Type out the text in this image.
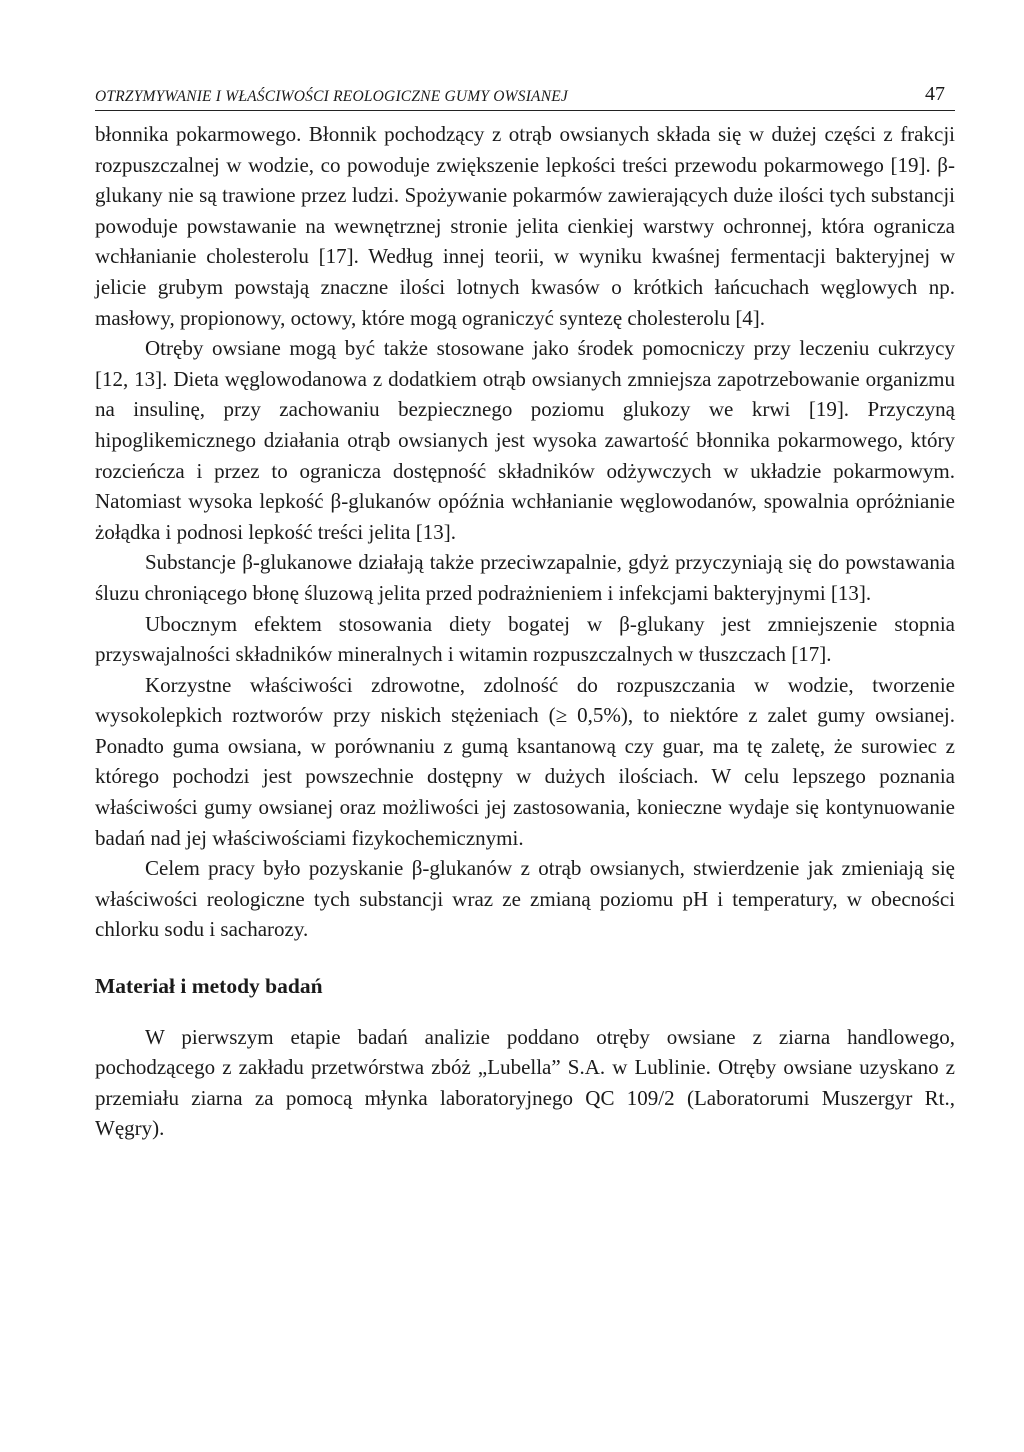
OTRZYMYWANIE I WŁAŚCIWOŚCI REOLOGICZNE GUMY OWSIANEJ	47

błonnika pokarmowego. Błonnik pochodzący z otrąb owsianych składa się w dużej części z frakcji rozpuszczalnej w wodzie, co powoduje zwiększenie lepkości treści przewodu pokarmowego [19]. β-glukany nie są trawione przez ludzi. Spożywanie pokarmów zawierających duże ilości tych substancji powoduje powstawanie na wewnętrznej stronie jelita cienkiej warstwy ochronnej, która ogranicza wchłanianie cholesterolu [17]. Według innej teorii, w wyniku kwaśnej fermentacji bakteryjnej w jelicie grubym powstają znaczne ilości lotnych kwasów o krótkich łańcuchach węglowych np. masłowy, propionowy, octowy, które mogą ograniczyć syntezę cholesterolu [4].

Otręby owsiane mogą być także stosowane jako środek pomocniczy przy leczeniu cukrzycy [12, 13]. Dieta węglowodanowa z dodatkiem otrąb owsianych zmniejsza zapotrzebowanie organizmu na insulinę, przy zachowaniu bezpiecznego poziomu glukozy we krwi [19]. Przyczyną hipoglikemicznego działania otrąb owsianych jest wysoka zawartość błonnika pokarmowego, który rozcieńcza i przez to ogranicza dostępność składników odżywczych w układzie pokarmowym. Natomiast wysoka lepkość β-glukanów opóźnia wchłanianie węglowodanów, spowalnia opróżnianie żołądka i podnosi lepkość treści jelita [13].

Substancje β-glukanowe działają także przeciwzapalnie, gdyż przyczyniają się do powstawania śluzu chroniącego błonę śluzową jelita przed podrażnieniem i infekcjami bakteryjnymi [13].

Ubocznym efektem stosowania diety bogatej w β-glukany jest zmniejszenie stopnia przyswajalności składników mineralnych i witamin rozpuszczalnych w tłuszczach [17].

Korzystne właściwości zdrowotne, zdolność do rozpuszczania w wodzie, tworzenie wysokolepkich roztworów przy niskich stężeniach (≥ 0,5%), to niektóre z zalet gumy owsianej. Ponadto guma owsiana, w porównaniu z gumą ksantanową czy guar, ma tę zaletę, że surowiec z którego pochodzi jest powszechnie dostępny w dużych ilościach. W celu lepszego poznania właściwości gumy owsianej oraz możliwości jej zastosowania, konieczne wydaje się kontynuowanie badań nad jej właściwościami fizykochemicznymi.

Celem pracy było pozyskanie β-glukanów z otrąb owsianych, stwierdzenie jak zmieniają się właściwości reologiczne tych substancji wraz ze zmianą poziomu pH i temperatury, w obecności chlorku sodu i sacharozy.

Materiał i metody badań

W pierwszym etapie badań analizie poddano otręby owsiane z ziarna handlowego, pochodzącego z zakładu przetwórstwa zbóż „Lubella” S.A. w Lublinie. Otręby owsiane uzyskano z przemiału ziarna za pomocą młynka laboratoryjnego QC 109/2 (Laboratorumi Muszergyr Rt., Węgry).
